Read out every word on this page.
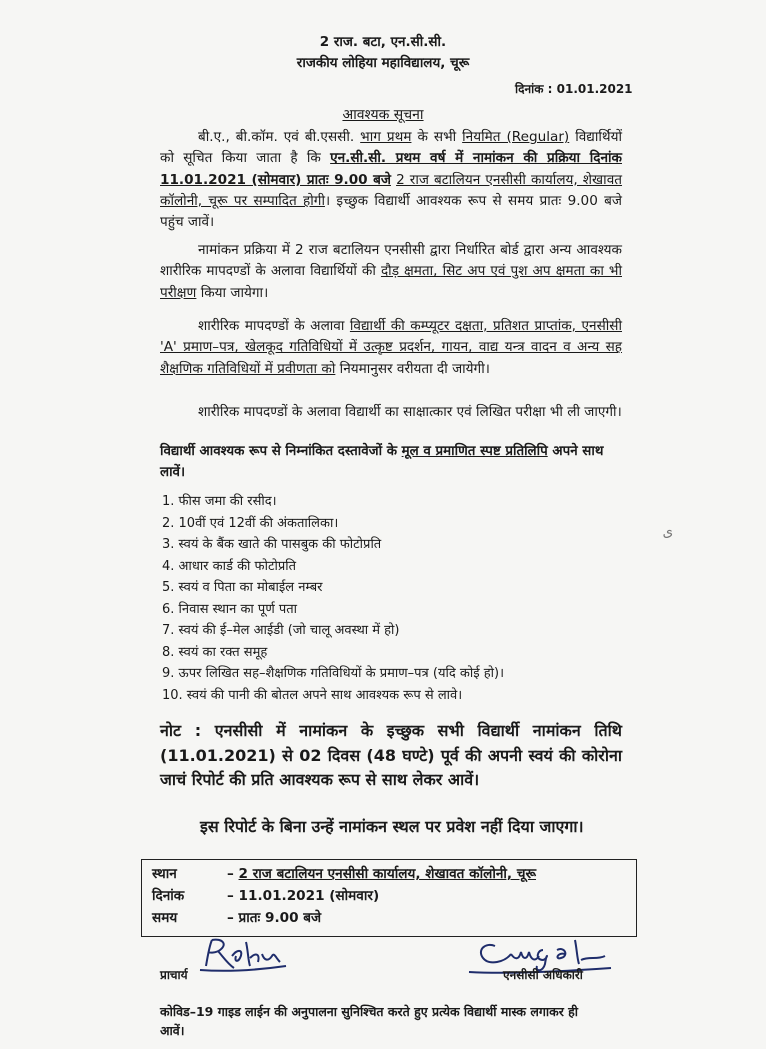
2 राज. बटा, एन.सी.सी.
राजकीय लोहिया महाविद्यालय, चूरू
दिनांक : 01.01.2021
आवश्यक सूचना

बी.ए., बी.कॉम. एवं बी.एससी. भाग प्रथम के सभी नियमित (Regular) विद्यार्थियों को सूचित किया जाता है कि एन.सी.सी. प्रथम वर्ष में नामांकन की प्रक्रिया दिनांक 11.01.2021 (सोमवार) प्रातः 9.00 बजे 2 राज बटालियन एनसीसी कार्यालय, शेखावत कॉलोनी, चूरू पर सम्पादित होगी। इच्छुक विद्यार्थी आवश्यक रूप से समय प्रातः 9.00 बजे पहुंच जावें।

नामांकन प्रक्रिया में 2 राज बटालियन एनसीसी द्वारा निर्धारित बोर्ड द्वारा अन्य आवश्यक शारीरिक मापदण्डों के अलावा विद्यार्थियों की दौड़ क्षमता, सिट अप एवं पुश अप क्षमता का भी परीक्षण किया जायेगा।

शारीरिक मापदण्डों के अलावा विद्यार्थी की कम्प्यूटर दक्षता, प्रतिशत प्राप्तांक, एनसीसी 'A' प्रमाण–पत्र, खेलकूद गतिविधियों में उत्कृष्ट प्रदर्शन, गायन, वाद्य यन्त्र वादन व अन्य सह शैक्षणिक गतिविधियों में प्रवीणता को नियमानुसर वरीयता दी जायेगी।

शारीरिक मापदण्डों के अलावा विद्यार्थी का साक्षात्कार एवं लिखित परीक्षा भी ली जाएगी।

विद्यार्थी आवश्यक रूप से निम्नांकित दस्तावेजों के मूल व प्रमाणित स्पष्ट प्रतिलिपि अपने साथ लावें।
1. फीस जमा की रसीद।
2. 10वीं एवं 12वीं की अंकतालिका।
3. स्वयं के बैंक खाते की पासबुक की फोटोप्रति
4. आधार कार्ड की फोटोप्रति
5. स्वयं व पिता का मोबाईल नम्बर
6. निवास स्थान का पूर्ण पता
7. स्वयं की ई–मेल आईडी (जो चालू अवस्था में हो)
8. स्वयं का रक्त समूह
9. ऊपर लिखित सह–शैक्षणिक गतिविधियों के प्रमाण–पत्र (यदि कोई हो)।
10. स्वयं की पानी की बोतल अपने साथ आवश्यक रूप से लावे।
ى
नोट : एनसीसी में नामांकन के इच्छुक सभी विद्यार्थी नामांकन तिथि (11.01.2021) से 02 दिवस (48 घण्टे) पूर्व की अपनी स्वयं की कोरोना जाचं रिपोर्ट की प्रति आवश्यक रूप से साथ लेकर आवें।
इस रिपोर्ट के बिना उन्हें नामांकन स्थल पर प्रवेश नहीं दिया जाएगा।
स्थान	– 2 राज बटालियन एनसीसी कार्यालय, शेखावत कॉलोनी, चूरू
दिनांक	– 11.01.2021 (सोमवार)
समय	– प्रातः 9.00 बजे
प्राचार्य	एनसीसी अधिकारी
कोविड–19 गाइड लाईन की अनुपालना सुनिश्चित करते हुए प्रत्येक विद्यार्थी मास्क लगाकर ही आवें।
